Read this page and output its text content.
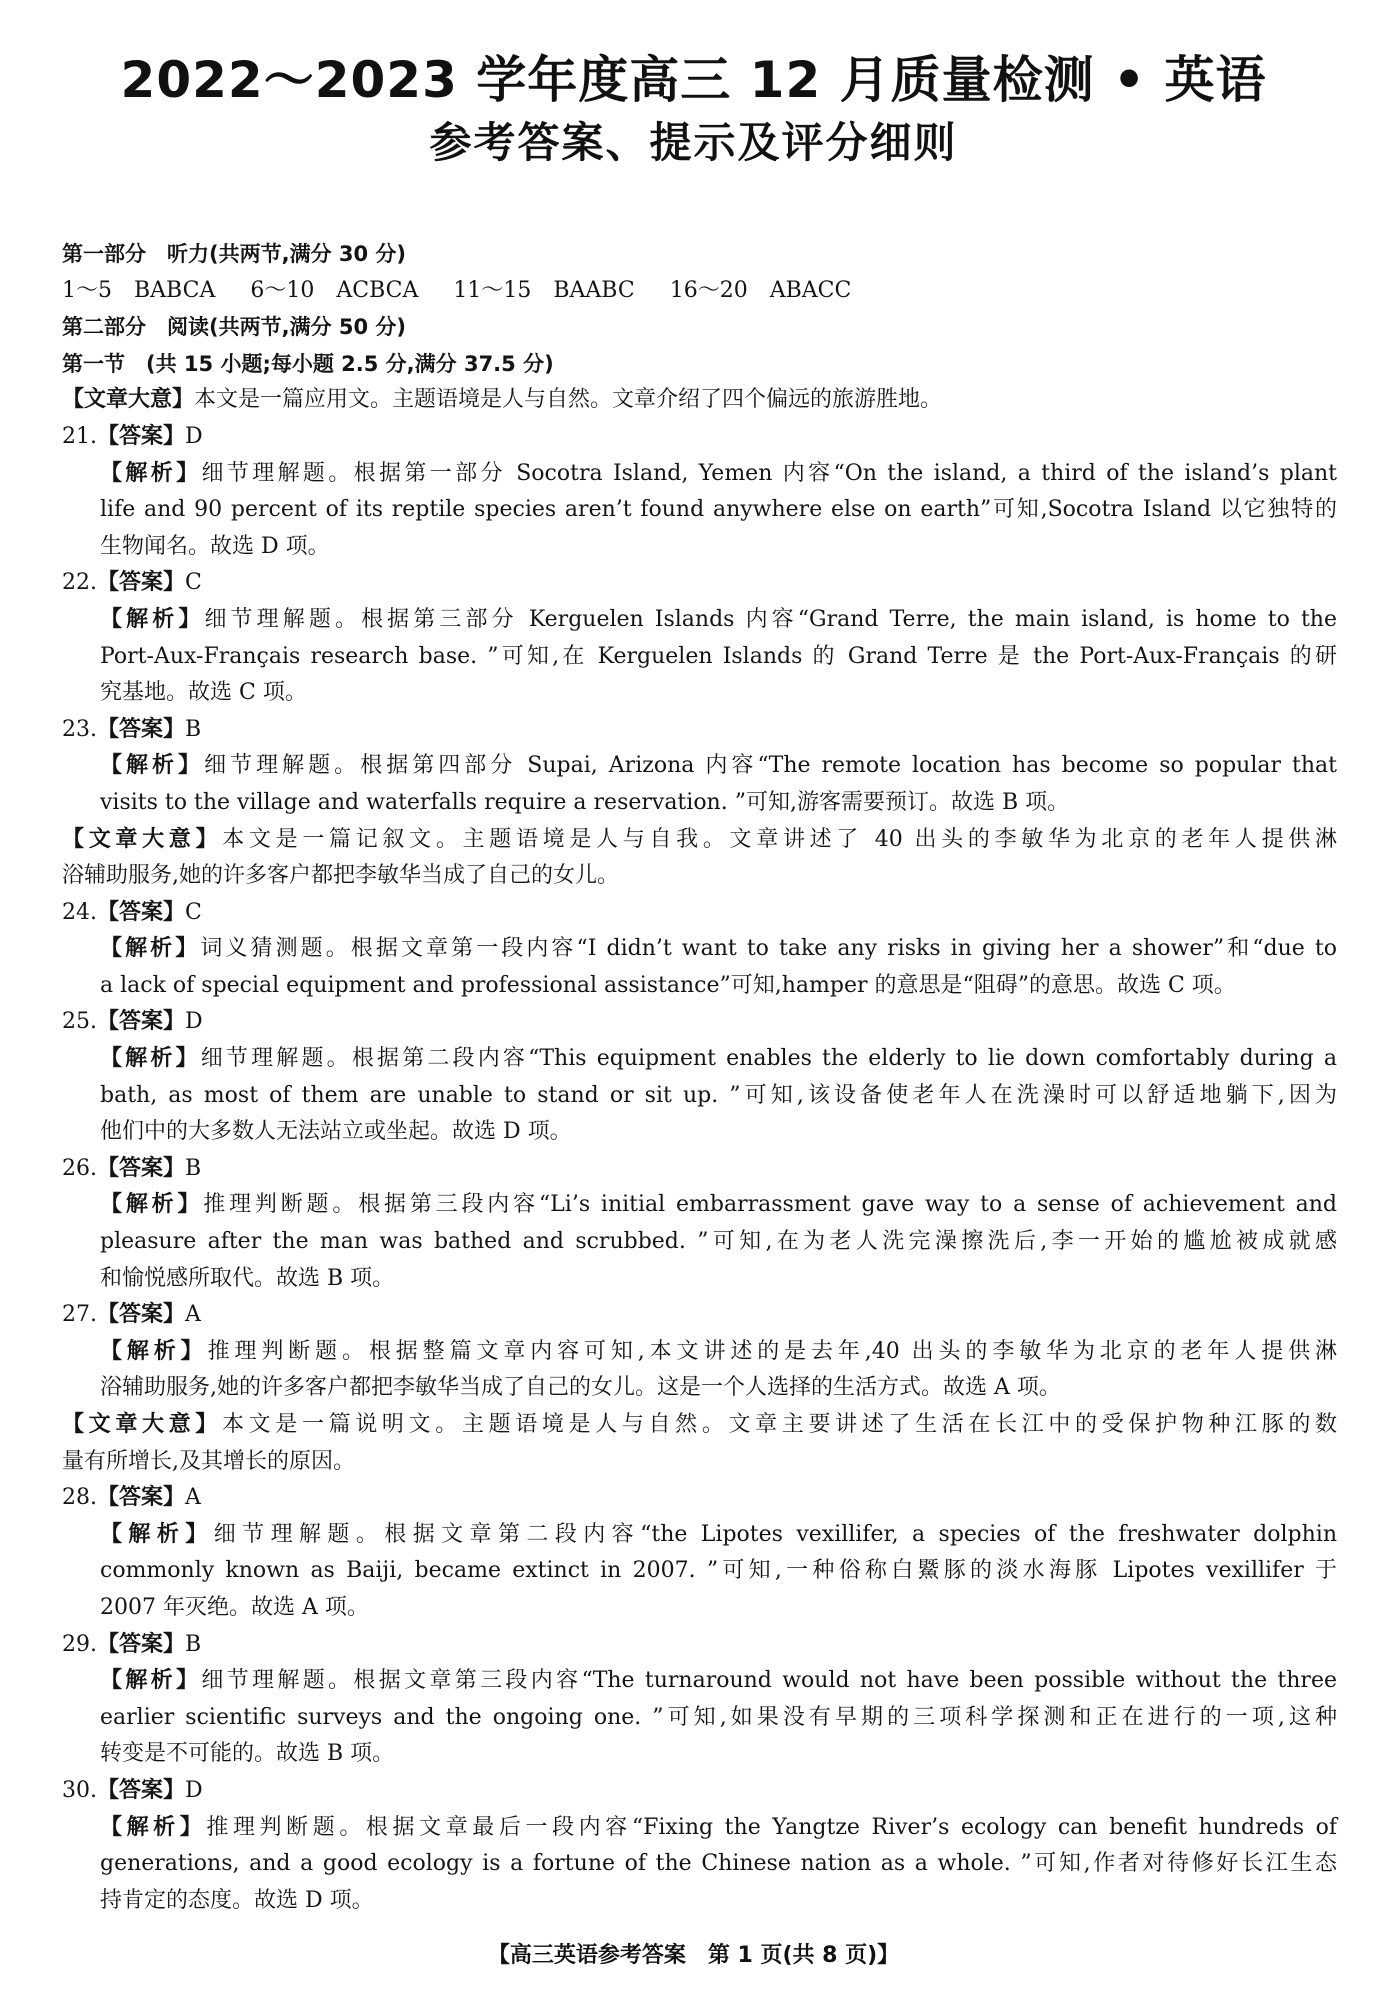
2022～2023 学年度高三 12 月质量检测 • 英语
参考答案、提示及评分细则
第一部分　听力(共两节,满分 30 分)
1～5　BABCA 6～10　ACBCA 11～15　BAABC 16～20　ABACC
第二部分　阅读(共两节,满分 50 分)
第一节　(共 15 小题;每小题 2.5 分,满分 37.5 分)
【文章大意】本文是一篇应用文。主题语境是人与自然。文章介绍了四个偏远的旅游胜地。
21.【答案】D
【解析】细节理解题。根据第一部分 Socotra Island, Yemen 内容“On the island, a third of the island’s plant
life and 90 percent of its reptile species aren’t found anywhere else on earth”可知,Socotra Island 以它独特的
生物闻名。故选 D 项。
22.【答案】C
【解析】细节理解题。根据第三部分 Kerguelen Islands 内容“Grand Terre, the main island, is home to the
Port-Aux-Français research base. ”可知,在 Kerguelen Islands 的 Grand Terre 是 the Port-Aux-Français 的研
究基地。故选 C 项。
23.【答案】B
【解析】细节理解题。根据第四部分 Supai, Arizona 内容“The remote location has become so popular that
visits to the village and waterfalls require a reservation. ”可知,游客需要预订。故选 B 项。
【文章大意】本文是一篇记叙文。主题语境是人与自我。文章讲述了 40 出头的李敏华为北京的老年人提供淋
浴辅助服务,她的许多客户都把李敏华当成了自己的女儿。
24.【答案】C
【解析】词义猜测题。根据文章第一段内容“I didn’t want to take any risks in giving her a shower”和“due to
a lack of special equipment and professional assistance”可知,hamper 的意思是“阻碍”的意思。故选 C 项。
25.【答案】D
【解析】细节理解题。根据第二段内容“This equipment enables the elderly to lie down comfortably during a
bath, as most of them are unable to stand or sit up. ”可知,该设备使老年人在洗澡时可以舒适地躺下,因为
他们中的大多数人无法站立或坐起。故选 D 项。
26.【答案】B
【解析】推理判断题。根据第三段内容“Li’s initial embarrassment gave way to a sense of achievement and
pleasure after the man was bathed and scrubbed. ”可知,在为老人洗完澡擦洗后,李一开始的尴尬被成就感
和愉悦感所取代。故选 B 项。
27.【答案】A
【解析】推理判断题。根据整篇文章内容可知,本文讲述的是去年,40 出头的李敏华为北京的老年人提供淋
浴辅助服务,她的许多客户都把李敏华当成了自己的女儿。这是一个人选择的生活方式。故选 A 项。
【文章大意】本文是一篇说明文。主题语境是人与自然。文章主要讲述了生活在长江中的受保护物种江豚的数
量有所增长,及其增长的原因。
28.【答案】A
【解析】细节理解题。根据文章第二段内容“the Lipotes vexillifer, a species of the freshwater dolphin
commonly known as Baiji, became extinct in 2007. ”可知,一种俗称白鱀豚的淡水海豚 Lipotes vexillifer 于
2007 年灭绝。故选 A 项。
29.【答案】B
【解析】细节理解题。根据文章第三段内容“The turnaround would not have been possible without the three
earlier scientific surveys and the ongoing one. ”可知,如果没有早期的三项科学探测和正在进行的一项,这种
转变是不可能的。故选 B 项。
30.【答案】D
【解析】推理判断题。根据文章最后一段内容“Fixing the Yangtze River’s ecology can benefit hundreds of
generations, and a good ecology is a fortune of the Chinese nation as a whole. ”可知,作者对待修好长江生态
持肯定的态度。故选 D 项。
【高三英语参考答案　第 1 页(共 8 页)】
